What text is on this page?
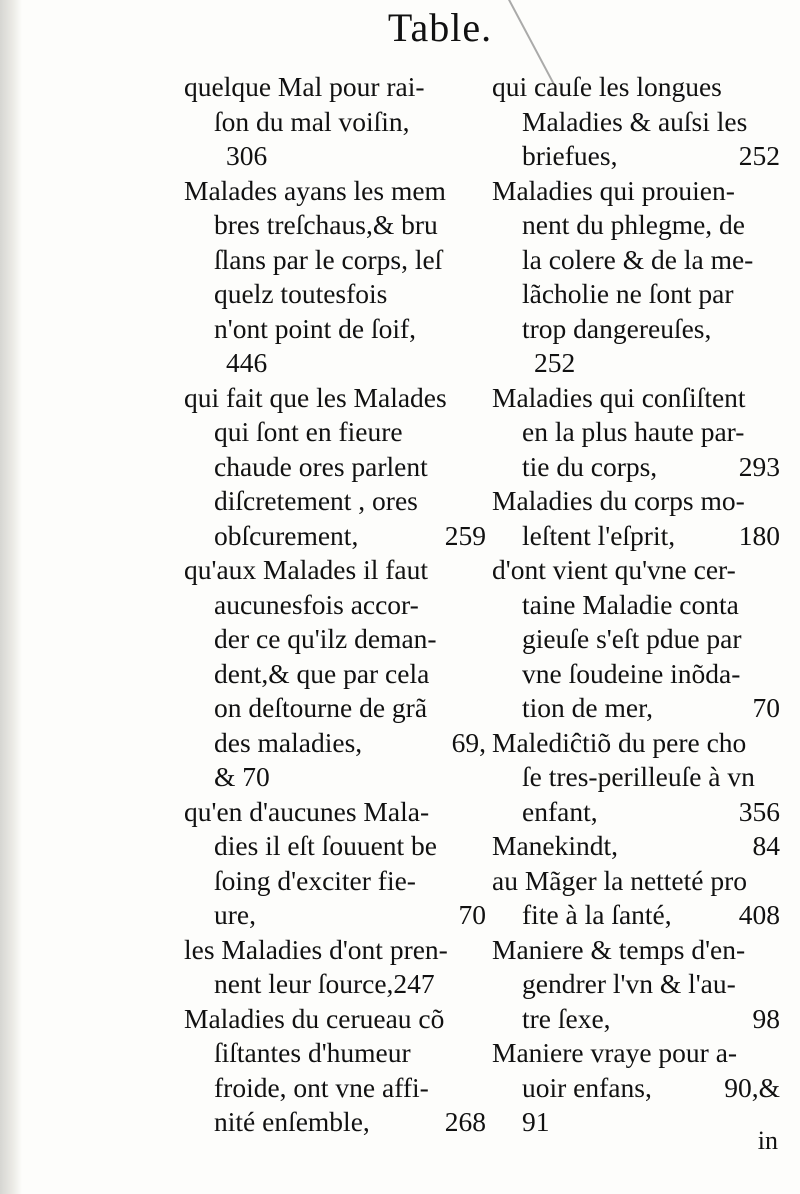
Table.
quelque Mal pour rai-
ſon du mal voiſin,
306
Malades ayans les mem
bres treſchaus,& bru
ſlans par le corps, leſ
quelz toutesfois
n'ont point de ſoif,
446
qui fait que les Malades
qui ſont en fieure
chaude ores parlent
diſcretement , ores
obſcurement,	259
qu'aux Malades il faut
aucunesfois accor-
der ce qu'ilz deman-
dent,& que par cela
on deſtourne de grã
des maladies,	69,
& 70
qu'en d'aucunes Mala-
dies il eſt ſouuent be
ſoing d'exciter fie-
ure,	70
les Maladies d'ont pren-
nent leur ſource,247
Maladies du cerueau cõ
ſiſtantes d'humeur
froide, ont vne affi-
nité enſemble,	268
qui cauſe les longues
Maladies & auſsi les
briefues,	252
Maladies qui prouien-
nent du phlegme, de
la colere & de la me-
lãcholie ne ſont par
trop dangereuſes,
252
Maladies qui conſiſtent
en la plus haute par-
tie du corps,	293
Maladies du corps mo-
leſtent l'eſprit, 180
d'ont vient qu'vne cer-
taine Maladie conta
gieuſe s'eſt pdue par
vne ſoudeine inõda-
tion de mer,	70
Malediĉtiõ du pere cho
ſe tres-perilleuſe à vn
enfant,	356
Manekindt,	84
au Mãger la netteté pro
fite à la ſanté, 408
Maniere & temps d'en-
gendrer l'vn & l'au-
tre ſexe,	98
Maniere vraye pour a-
uoir enfans,	90,&
91
in
